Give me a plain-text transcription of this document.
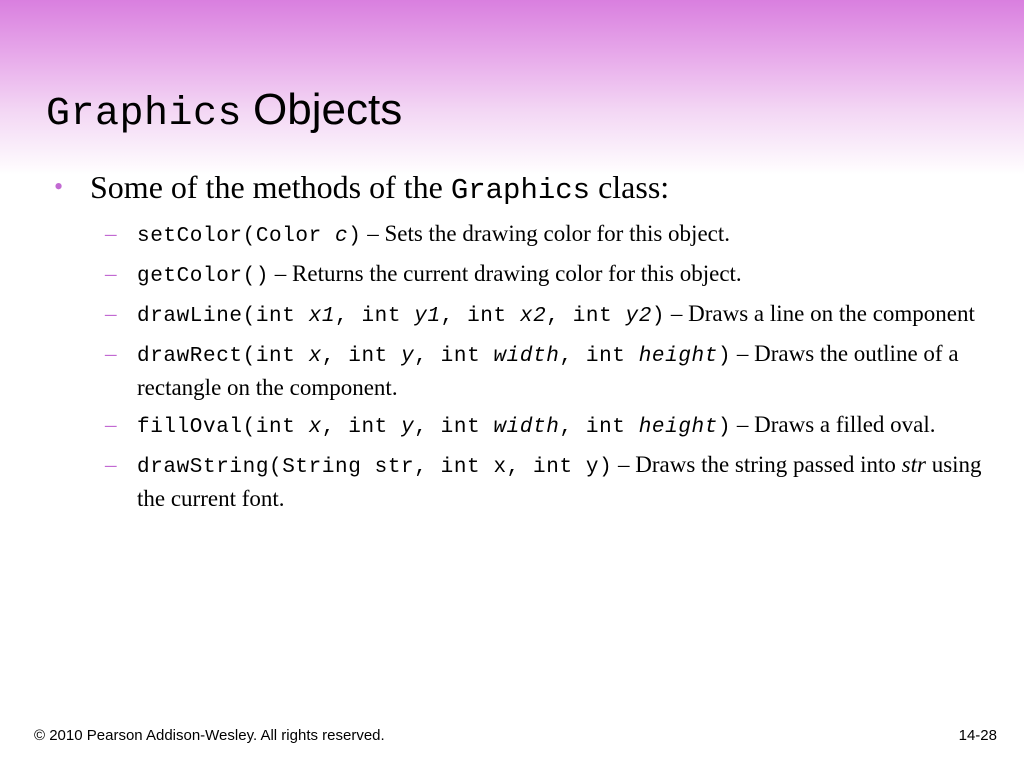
Graphics Objects
• Some of the methods of the Graphics class:
– setColor(Color c) – Sets the drawing color for this object.
– getColor() – Returns the current drawing color for this object.
– drawLine(int x1, int y1, int x2, int y2) – Draws a line on the component
– drawRect(int x, int y, int width, int height) – Draws the outline of a rectangle on the component.
– fillOval(int x, int y, int width, int height) – Draws a filled oval.
– drawString(String str, int x, int y) – Draws the string passed into str using the current font.
© 2010 Pearson Addison-Wesley. All rights reserved.	14-28
